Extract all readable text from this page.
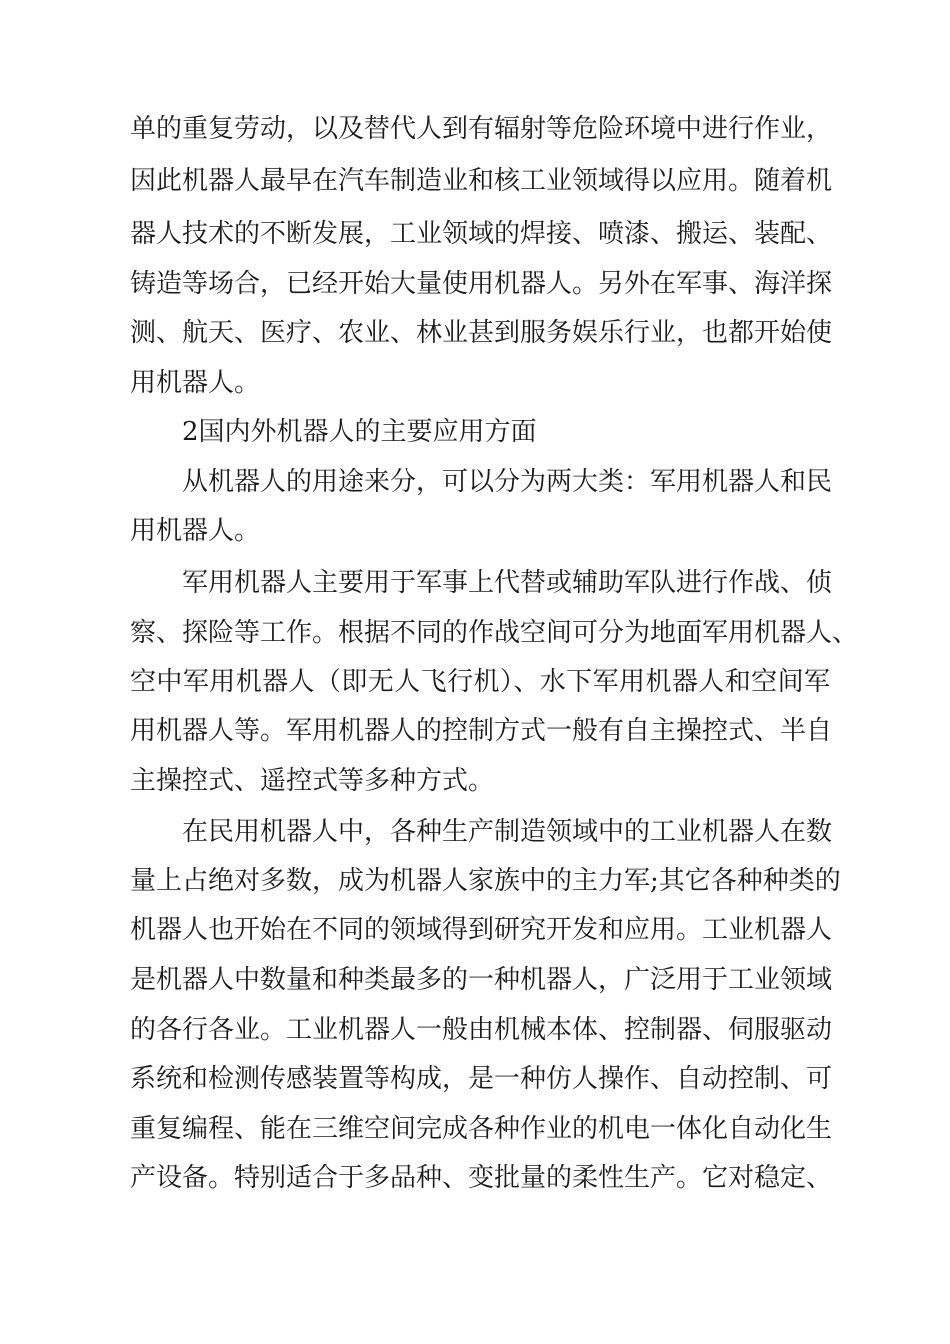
单的重复劳动，以及替代人到有辐射等危险环境中进行作业，
因此机器人最早在汽车制造业和核工业领域得以应用。随着机
器人技术的不断发展，工业领域的焊接、喷漆、搬运、装配、
铸造等场合，已经开始大量使用机器人。另外在军事、海洋探
测、航天、医疗、农业、林业甚到服务娱乐行业，也都开始使
用机器人。
2国内外机器人的主要应用方面
从机器人的用途来分，可以分为两大类：军用机器人和民
用机器人。
军用机器人主要用于军事上代替或辅助军队进行作战、侦
察、探险等工作。根据不同的作战空间可分为地面军用机器人、
空中军用机器人（即无人飞行机）、水下军用机器人和空间军
用机器人等。军用机器人的控制方式一般有自主操控式、半自
主操控式、遥控式等多种方式。
在民用机器人中，各种生产制造领域中的工业机器人在数
量上占绝对多数，成为机器人家族中的主力军;其它各种种类的
机器人也开始在不同的领域得到研究开发和应用。工业机器人
是机器人中数量和种类最多的一种机器人，广泛用于工业领域
的各行各业。工业机器人一般由机械本体、控制器、伺服驱动
系统和检测传感装置等构成，是一种仿人操作、自动控制、可
重复编程、能在三维空间完成各种作业的机电一体化自动化生
产设备。特别适合于多品种、变批量的柔性生产。它对稳定、
